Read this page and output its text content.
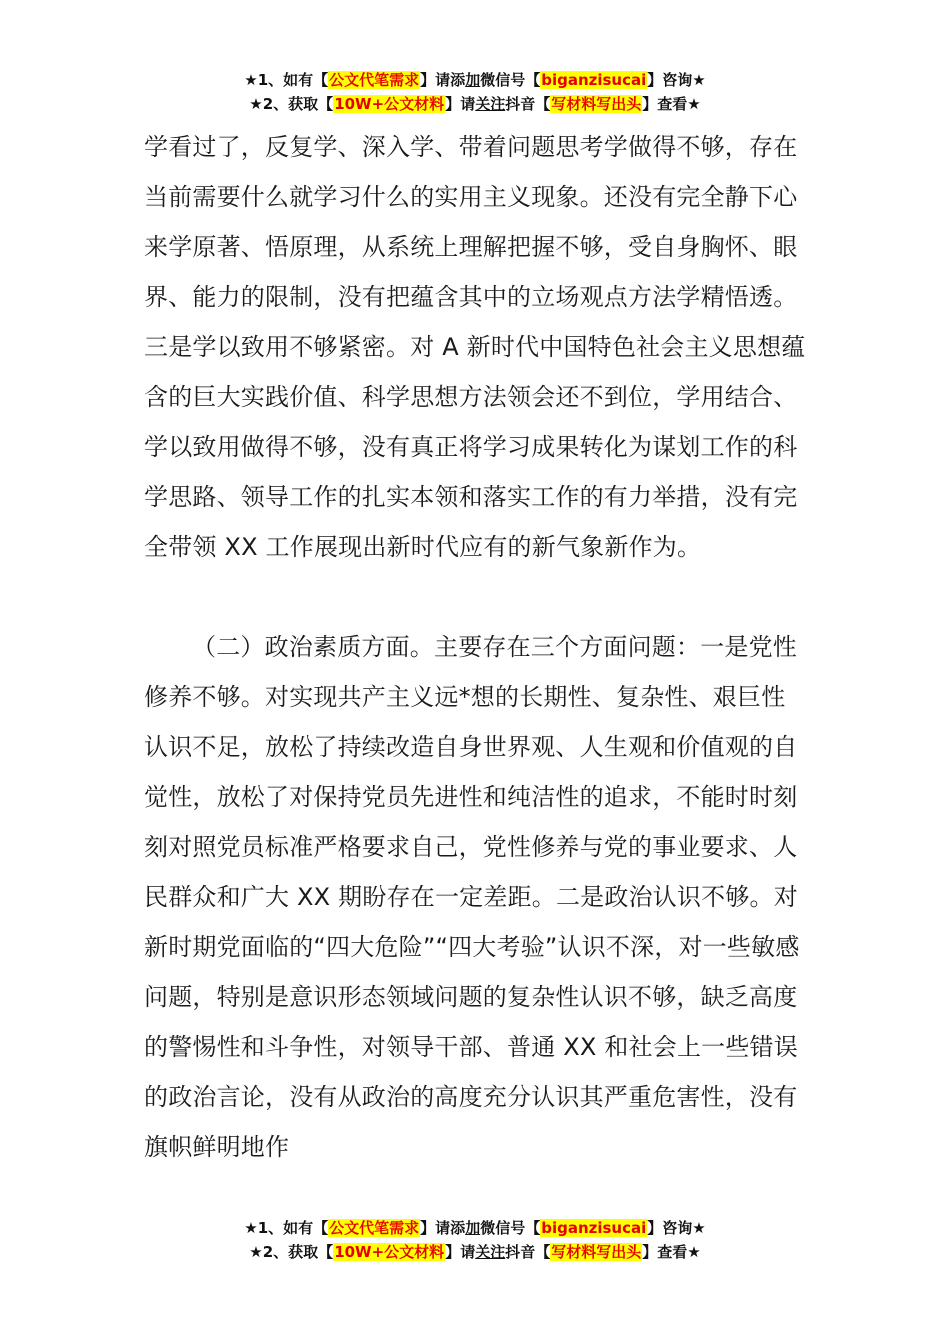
★1、如有【公文代笔需求】请添加微信号【biganzisucai】咨询★
★2、获取【10W+公文材料】请关注抖音【写材料写出头】查看★

学看过了，反复学、深入学、带着问题思考学做得不够，存在当前需要什么就学习什么的实用主义现象。还没有完全静下心来学原著、悟原理，从系统上理解把握不够，受自身胸怀、眼界、能力的限制，没有把蕴含其中的立场观点方法学精悟透。三是学以致用不够紧密。对 A 新时代中国特色社会主义思想蕴含的巨大实践价值、科学思想方法领会还不到位，学用结合、学以致用做得不够，没有真正将学习成果转化为谋划工作的科学思路、领导工作的扎实本领和落实工作的有力举措，没有完全带领 XX 工作展现出新时代应有的新气象新作为。

（二）政治素质方面。主要存在三个方面问题：一是党性修养不够。对实现共产主义远*想的长期性、复杂性、艰巨性认识不足，放松了持续改造自身世界观、人生观和价值观的自觉性，放松了对保持党员先进性和纯洁性的追求，不能时时刻刻对照党员标准严格要求自己，党性修养与党的事业要求、人民群众和广大 XX 期盼存在一定差距。二是政治认识不够。对新时期党面临的“四大危险”“四大考验”认识不深，对一些敏感问题，特别是意识形态领域问题的复杂性认识不够，缺乏高度的警惕性和斗争性，对领导干部、普通 XX 和社会上一些错误的政治言论，没有从政治的高度充分认识其严重危害性，没有旗帜鲜明地作

★1、如有【公文代笔需求】请添加微信号【biganzisucai】咨询★
★2、获取【10W+公文材料】请关注抖音【写材料写出头】查看★
